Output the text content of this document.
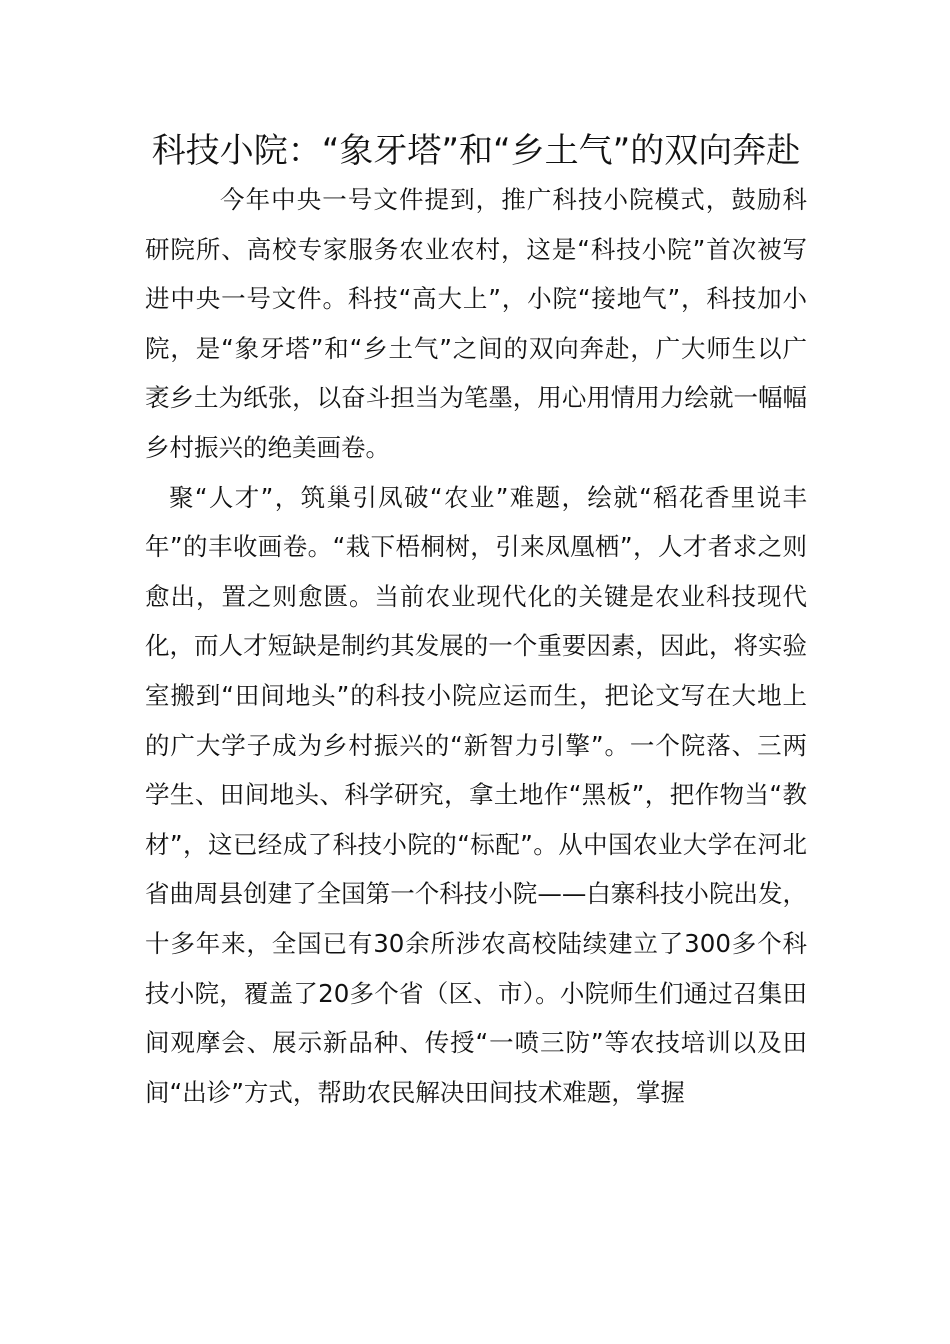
科技小院：“象牙塔”和“乡土气”的双向奔赴

今年中央一号文件提到，推广科技小院模式，鼓励科研院所、高校专家服务农业农村，这是“科技小院”首次被写进中央一号文件。科技“高大上”，小院“接地气”，科技加小院，是“象牙塔”和“乡土气”之间的双向奔赴，广大师生以广袤乡土为纸张，以奋斗担当为笔墨，用心用情用力绘就一幅幅乡村振兴的绝美画卷。

聚“人才”，筑巢引凤破“农业”难题，绘就“稻花香里说丰年”的丰收画卷。“栽下梧桐树，引来凤凰栖”，人才者求之则愈出，置之则愈匮。当前农业现代化的关键是农业科技现代化，而人才短缺是制约其发展的一个重要因素，因此，将实验室搬到“田间地头”的科技小院应运而生，把论文写在大地上的广大学子成为乡村振兴的“新智力引擎”。一个院落、三两学生、田间地头、科学研究，拿土地作“黑板”，把作物当“教材”，这已经成了科技小院的“标配”。从中国农业大学在河北省曲周县创建了全国第一个科技小院——白寨科技小院出发，十多年来，全国已有30余所涉农高校陆续建立了300多个科技小院，覆盖了20多个省（区、市）。小院师生们通过召集田间观摩会、展示新品种、传授“一喷三防”等农技培训以及田间“出诊”方式，帮助农民解决田间技术难题，掌握
